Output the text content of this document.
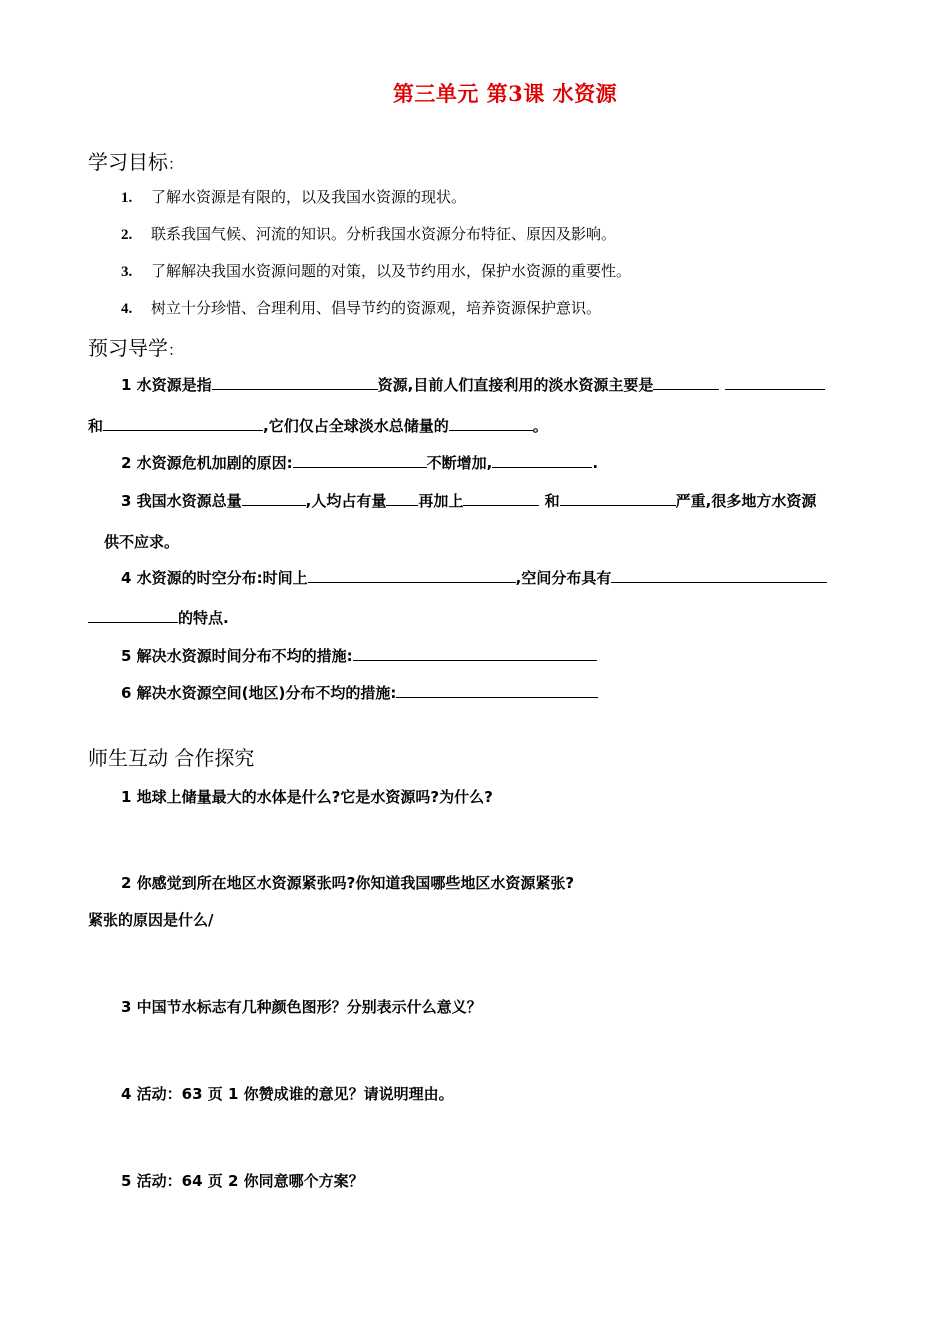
第三单元 第3课 水资源
学习目标：
1. 了解水资源是有限的，以及我国水资源的现状。
2. 联系我国气候、河流的知识。分析我国水资源分布特征、原因及影响。
3. 了解解决我国水资源问题的对策，以及节约用水，保护水资源的重要性。
4. 树立十分珍惜、合理利用、倡导节约的资源观，培养资源保护意识。
预习导学：
1 水资源是指	资源,目前人们直接利用的淡水资源主要是
和	,它们仅占全球淡水总储量的	。
2 水资源危机加剧的原因:	不断增加,	.
3 我国水资源总量	,人均占有量 再加上	和	严重,很多地方水资源
供不应求。
4 水资源的时空分布:时间上	,空间分布具有
的特点.
5 解决水资源时间分布不均的措施:
6 解决水资源空间(地区)分布不均的措施:
师生互动 合作探究
1 地球上储量最大的水体是什么?它是水资源吗?为什么?
2 你感觉到所在地区水资源紧张吗?你知道我国哪些地区水资源紧张?
紧张的原因是什么/
3 中国节水标志有几种颜色图形？分别表示什么意义？
4 活动：63 页 1 你赞成谁的意见？请说明理由。
5 活动：64 页 2 你同意哪个方案？
